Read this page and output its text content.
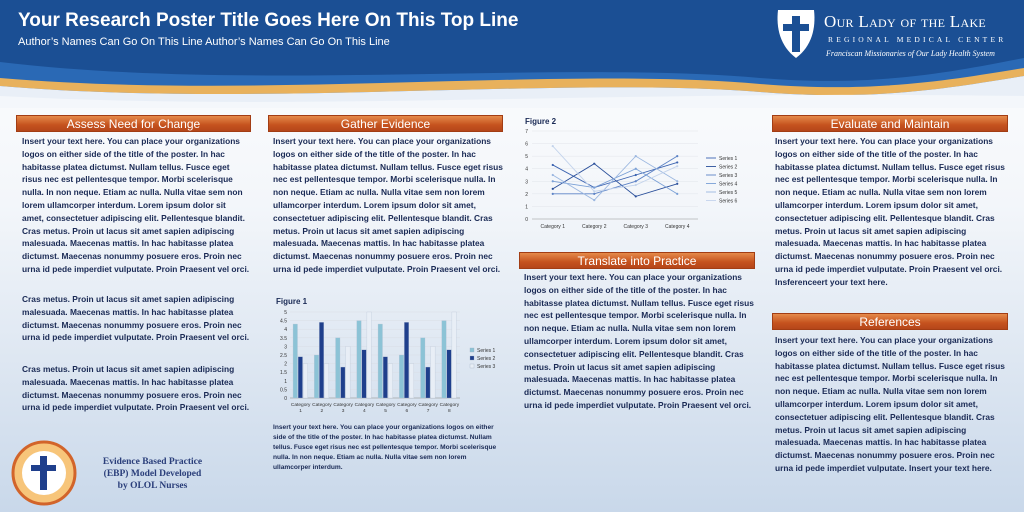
Your Research Poster Title Goes Here On This Top Line
Author’s Names Can Go On This Line Author’s Names Can Go On This Line
Our Lady of the Lake
REGIONAL MEDICAL CENTER
Franciscan Missionaries of Our Lady Health System
Assess Need for Change
Insert your text here. You can place your organizations logos on either side of the title of the poster. In hac habitasse platea dictumst. Nullam tellus. Fusce eget risus nec est pellentesque tempor. Morbi scelerisque nulla. In non neque. Etiam ac nulla. Nulla vitae sem non lorem ullamcorper interdum. Lorem ipsum dolor sit amet, consectetuer adipiscing elit. Pellentesque blandit. Cras metus. Proin ut lacus sit amet sapien adipiscing malesuada. Maecenas mattis. In hac habitasse platea dictumst. Maecenas nonummy posuere eros. Proin nec urna id pede imperdiet vulputate. Proin Praesent vel orci.
Cras metus. Proin ut lacus sit amet sapien adipiscing malesuada. Maecenas mattis. In hac habitasse platea dictumst. Maecenas nonummy posuere eros. Proin nec urna id pede imperdiet vulputate. Proin Praesent vel orci.
Cras metus. Proin ut lacus sit amet sapien adipiscing malesuada. Maecenas mattis. In hac habitasse platea dictumst. Maecenas nonummy posuere eros. Proin nec urna id pede imperdiet vulputate. Proin Praesent vel orci.
Evidence Based Practice
(EBP) Model Developed
by OLOL Nurses
Gather Evidence
Insert your text here. You can place your organizations logos on either side of the title of the poster. In hac habitasse platea dictumst. Nullam tellus. Fusce eget risus nec est pellentesque tempor. Morbi scelerisque nulla. In non neque. Etiam ac nulla. Nulla vitae sem non lorem ullamcorper interdum. Lorem ipsum dolor sit amet, consectetuer adipiscing elit. Pellentesque blandit. Cras metus. Proin ut lacus sit amet sapien adipiscing malesuada. Maecenas mattis. In hac habitasse platea dictumst. Maecenas nonummy posuere eros. Proin nec urna id pede imperdiet vulputate. Proin Praesent vel orci.
Figure 1
0
0.5
1
1.5
2
2.5
3
3.5
4
4.5
5
Category
1
Category
2
Category
3
Category
4
Category
5
Category
6
Category
7
Category
8
Series 1
Series 2
Series 3
Insert your text here. You can place your organizations logos on either side of the title of the poster. In hac habitasse platea dictumst. Nullam tellus. Fusce eget risus nec est pellentesque tempor. Morbi scelerisque nulla. In non neque. Etiam ac nulla. Nulla vitae sem non lorem ullamcorper interdum.
Figure 2
0
1
2
3
4
5
6
7
Category 1	Category 2	Category 3	Category 4
Series 1
Series 2
Series 3
Series 4
Series 5
Series 6
Translate into Practice
Insert your text here. You can place your organizations logos on either side of the title of the poster. In hac habitasse platea dictumst. Nullam tellus. Fusce eget risus nec est pellentesque tempor. Morbi scelerisque nulla. In non neque. Etiam ac nulla. Nulla vitae sem non lorem ullamcorper interdum. Lorem ipsum dolor sit amet, consectetuer adipiscing elit. Pellentesque blandit. Cras metus. Proin ut lacus sit amet sapien adipiscing malesuada. Maecenas mattis. In hac habitasse platea dictumst. Maecenas nonummy posuere eros. Proin nec urna id pede imperdiet vulputate. Proin Praesent vel orci.
Evaluate and Maintain
Insert your text here. You can place your organizations logos on either side of the title of the poster. In hac habitasse platea dictumst. Nullam tellus. Fusce eget risus nec est pellentesque tempor. Morbi scelerisque nulla. In non neque. Etiam ac nulla. Nulla vitae sem non lorem ullamcorper interdum. Lorem ipsum dolor sit amet, consectetuer adipiscing elit. Pellentesque blandit. Cras metus. Proin ut lacus sit amet sapien adipiscing malesuada. Maecenas mattis. In hac habitasse platea dictumst. Maecenas nonummy posuere eros. Proin nec urna id pede imperdiet vulputate. Proin Praesent vel orci. Insferenceert your text here.
References
Insert your text here. You can place your organizations logos on either side of the title of the poster. In hac habitasse platea dictumst. Nullam tellus. Fusce eget risus nec est pellentesque tempor. Morbi scelerisque nulla. In non neque. Etiam ac nulla. Nulla vitae sem non lorem ullamcorper interdum. Lorem ipsum dolor sit amet, consectetuer adipiscing elit. Pellentesque blandit. Cras metus. Proin ut lacus sit amet sapien adipiscing malesuada. Maecenas mattis. In hac habitasse platea dictumst. Maecenas nonummy posuere eros. Proin nec urna id pede imperdiet vulputate. Insert your text here.
